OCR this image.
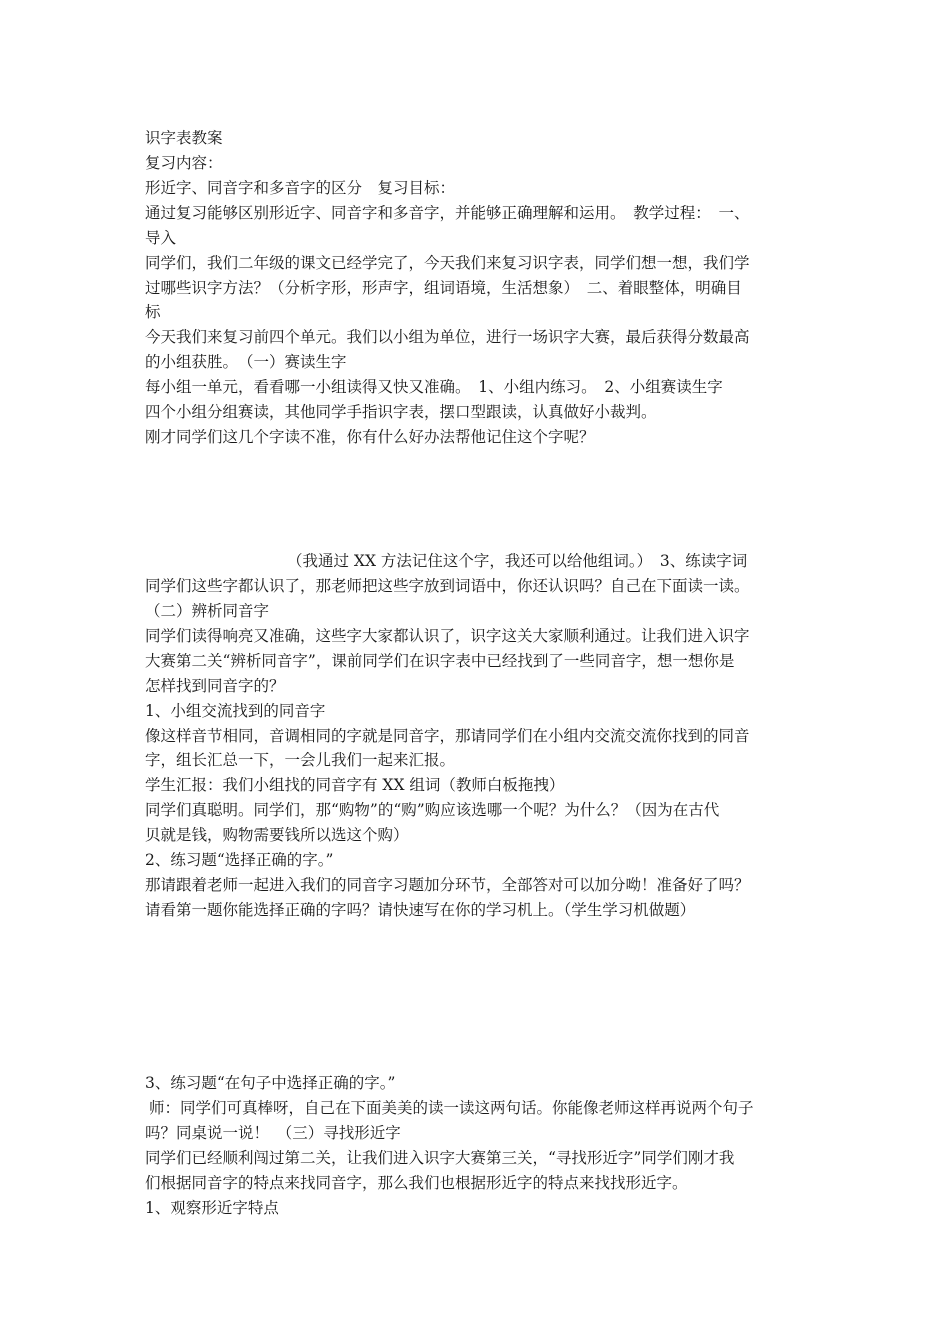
识字表教案

复习内容：

形近字、同音字和多音字的区分　复习目标：

通过复习能够区别形近字、同音字和多音字，并能够正确理解和运用。　教学过程：　一、

导入

同学们，我们二年级的课文已经学完了，今天我们来复习识字表，同学们想一想，我们学

过哪些识字方法？（分析字形，形声字，组词语境，生活想象）　二、着眼整体，明确目

标

今天我们来复习前四个单元。我们以小组为单位，进行一场识字大赛，最后获得分数最高

的小组获胜。　（一）赛读生字

每小组一单元，看看哪一小组读得又快又准确。　1、小组内练习。　2、小组赛读生字

四个小组分组赛读，其他同学手指识字表，摆口型跟读，认真做好小裁判。

刚才同学们这几个字读不准，你有什么好办法帮他记住这个字呢？

（我通过 XX 方法记住这个字，我还可以给他组词。）　3、练读字词

同学们这些字都认识了，那老师把这些字放到词语中，你还认识吗？自己在下面读一读。

（二）辨析同音字

同学们读得响亮又准确，这些字大家都认识了，识字这关大家顺利通过。让我们进入识字

大赛第二关“辨析同音字”，课前同学们在识字表中已经找到了一些同音字，想一想你是

怎样找到同音字的？

1、小组交流找到的同音字

像这样音节相同，音调相同的字就是同音字，那请同学们在小组内交流交流你找到的同音

字，组长汇总一下，一会儿我们一起来汇报。

学生汇报：我们小组找的同音字有 XX 组词（教师白板拖拽）

同学们真聪明。同学们，那“购物”的“购”购应该选哪一个呢？为什么？（因为在古代

贝就是钱，购物需要钱所以选这个购）

2、练习题“选择正确的字。”

那请跟着老师一起进入我们的同音字习题加分环节，全部答对可以加分呦！准备好了吗？

请看第一题你能选择正确的字吗？请快速写在你的学习机上。（学生学习机做题）

3、练习题“在句子中选择正确的字。”

师：同学们可真棒呀，自己在下面美美的读一读这两句话。你能像老师这样再说两个句子

吗？同桌说一说！　（三）寻找形近字

同学们已经顺利闯过第二关，让我们进入识字大赛第三关，“寻找形近字”同学们刚才我

们根据同音字的特点来找同音字，那么我们也根据形近字的特点来找找形近字。

1、观察形近字特点
